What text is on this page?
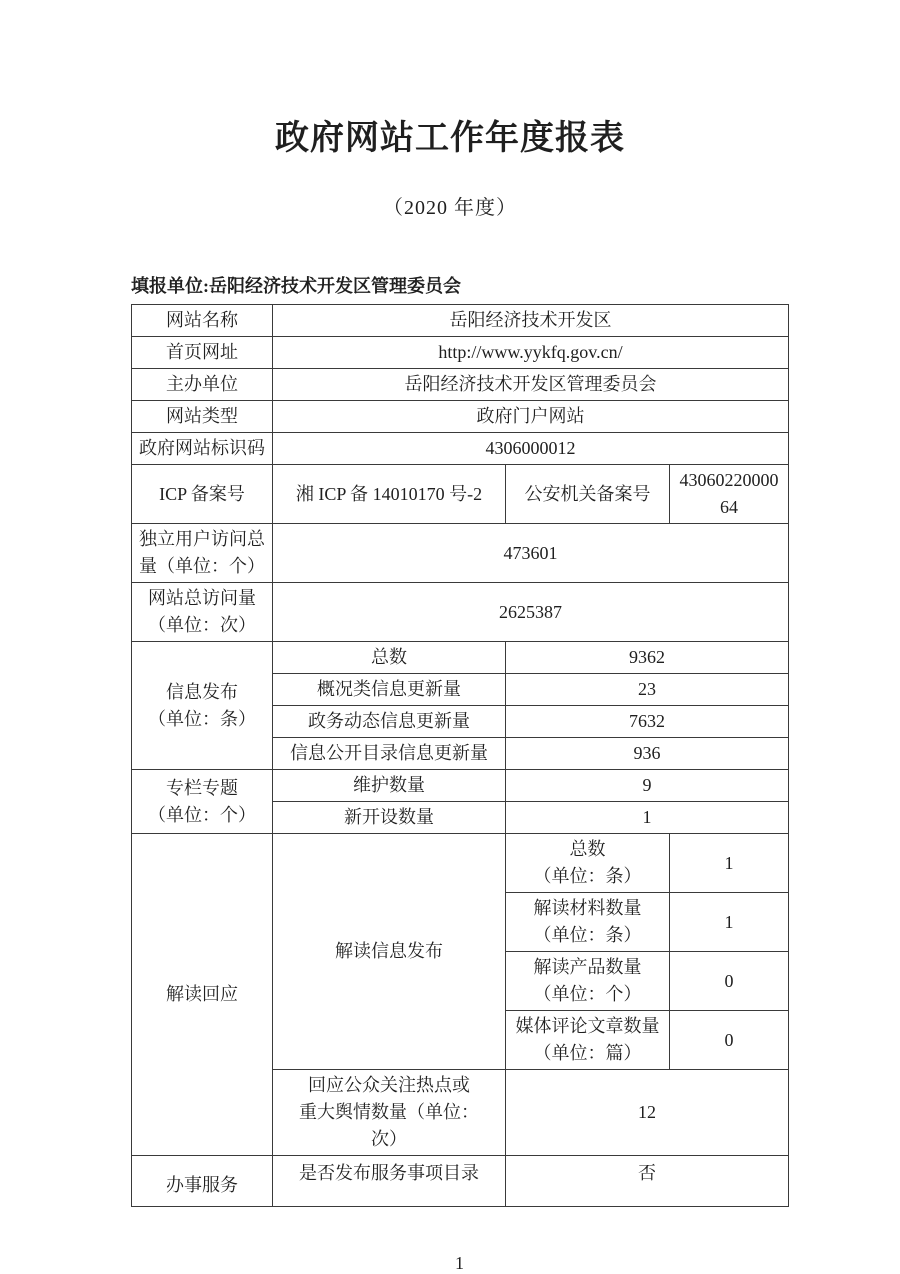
政府网站工作年度报表
（2020 年度）
填报单位:岳阳经济技术开发区管理委员会
网站名称	岳阳经济技术开发区		
首页网址	http://www.yykfq.gov.cn/		
主办单位	岳阳经济技术开发区管理委员会		
网站类型	政府门户网站		
政府网站标识码	4306000012		
ICP 备案号	湘 ICP 备 14010170 号-2	公安机关备案号	4306022000064
独立用户访问总量（单位：个）	473601		
网站总访问量
（单位：次）	2625387		
信息发布
（单位：条）	总数	9362	
	概况类信息更新量	23	
	政务动态信息更新量	7632	
	信息公开目录信息更新量	936	
专栏专题
（单位：个）	维护数量	9	
	新开设数量	1	
解读回应	解读信息发布	总数
（单位：条）	1
		解读材料数量
（单位：条）	1
		解读产品数量
（单位：个）	0
		媒体评论文章数量
（单位：篇）	0
	回应公众关注热点或
重大舆情数量（单位：
次）	12	
办事服务	是否发布服务事项目录	否	
1
